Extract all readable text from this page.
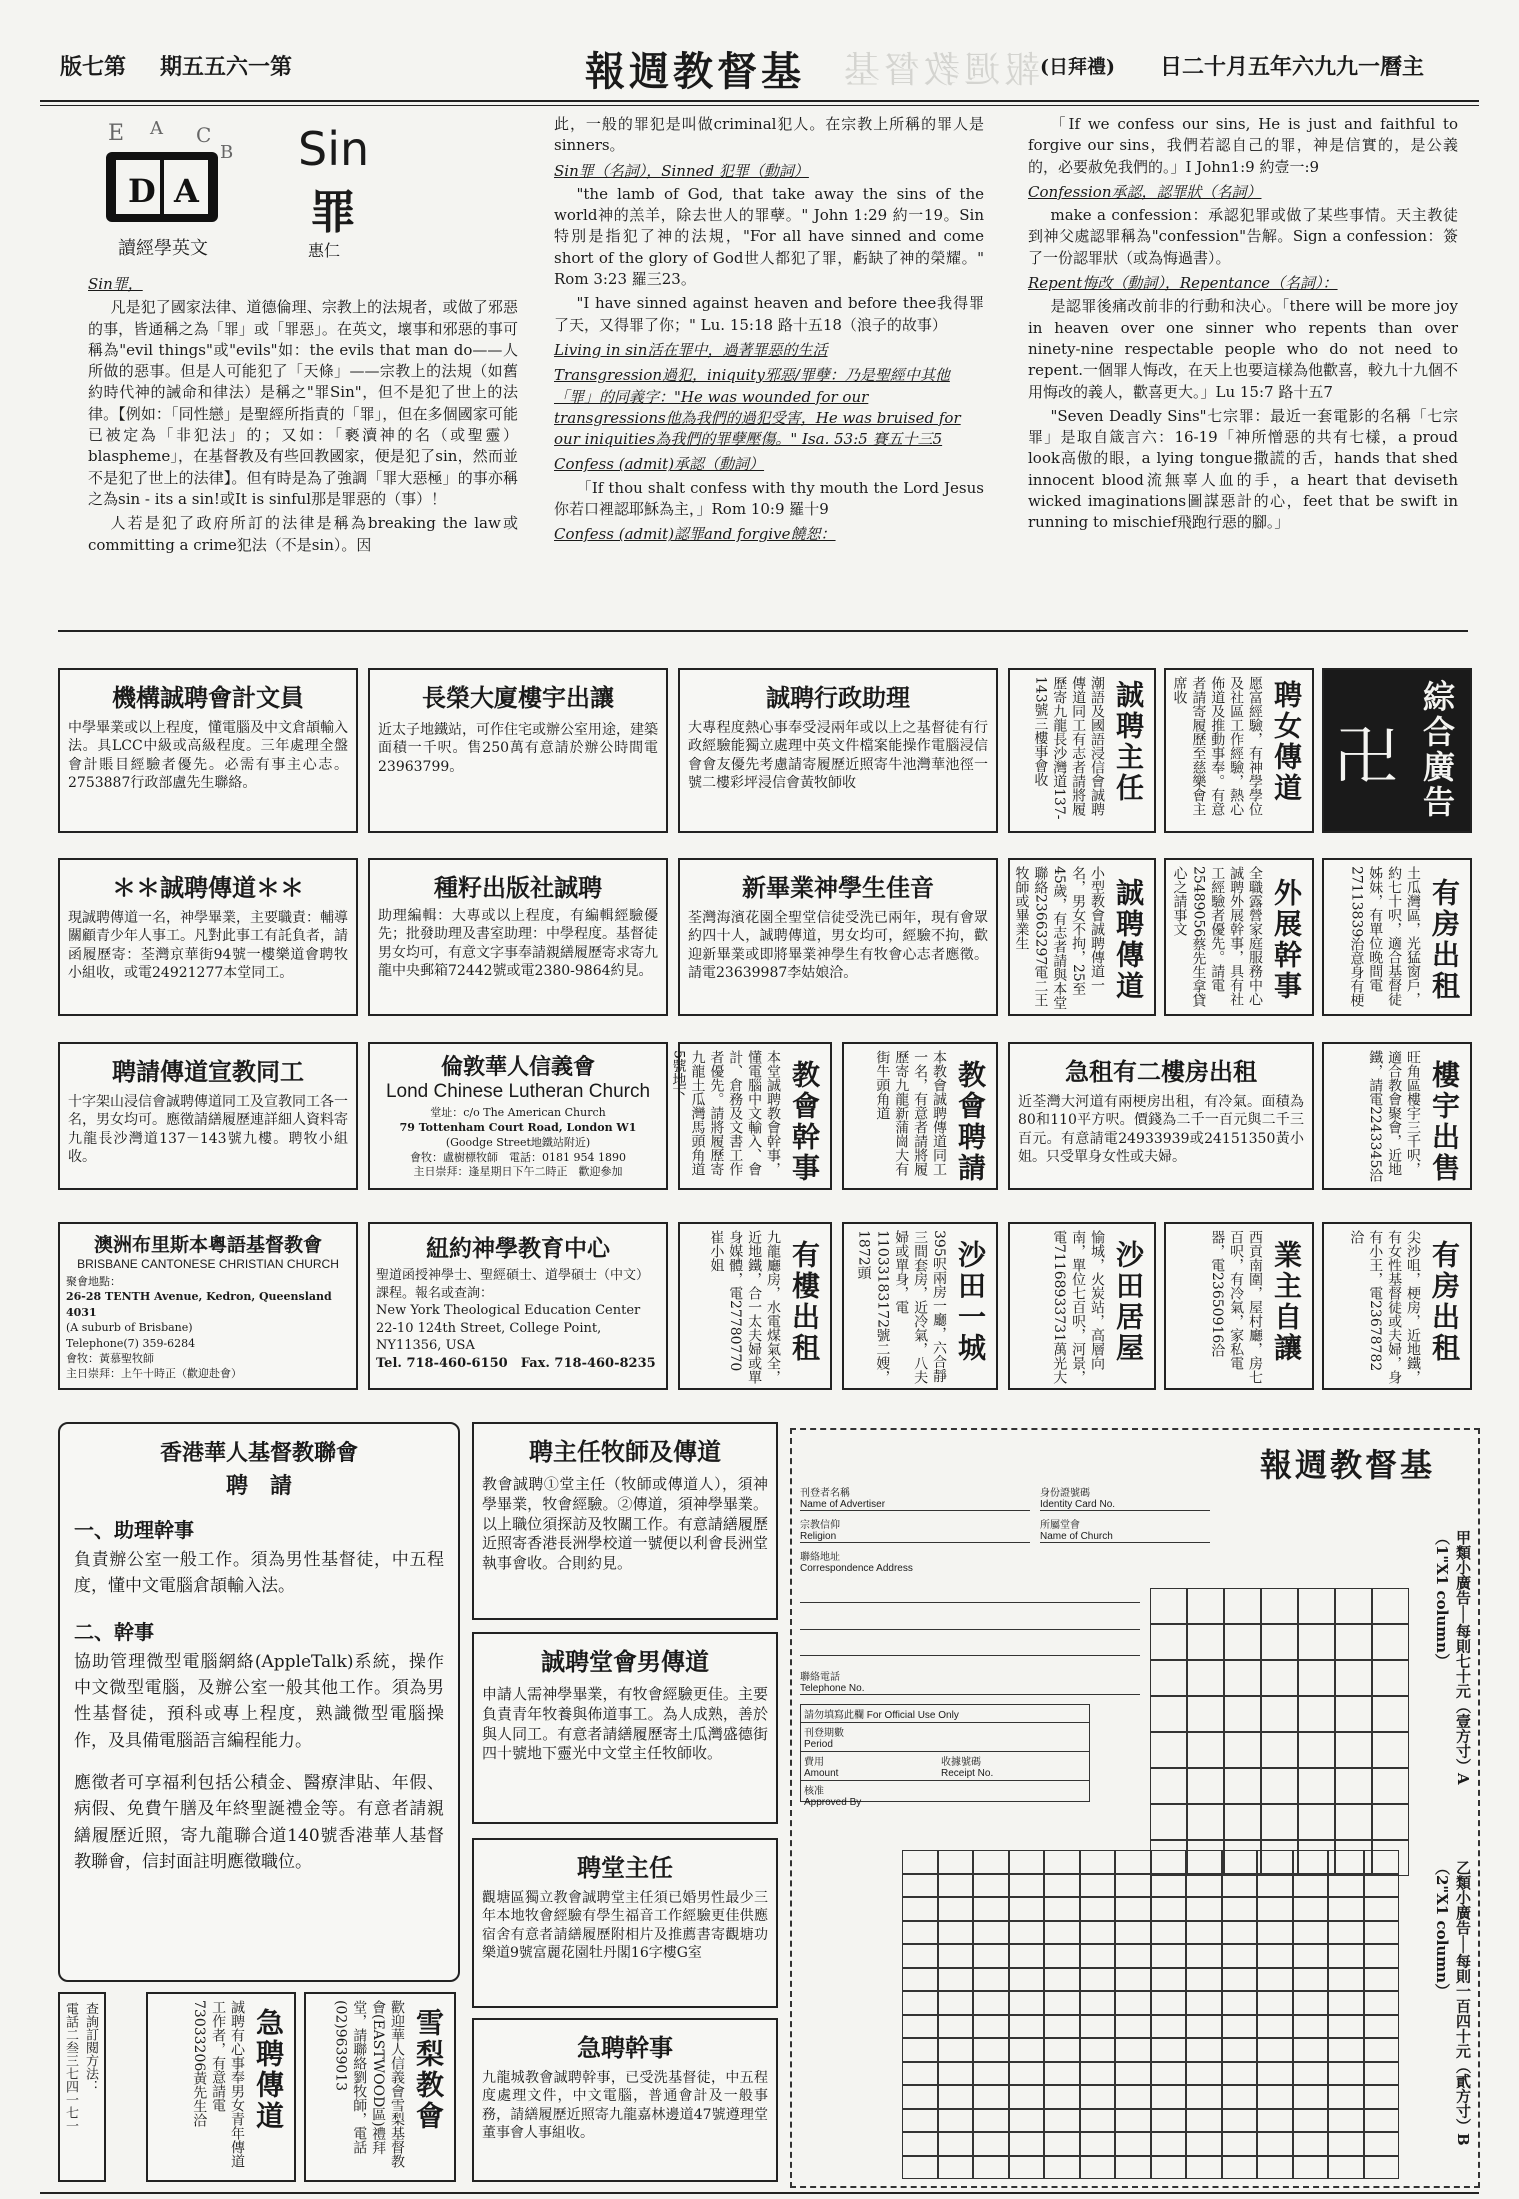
版七第 期五五六一第	報週教督基 報週教督基 (日拜禮) 日二十月五年六九九一曆主
D A
E A C
B
讀經學英文
Sin
罪
惠仁
Sin罪，

凡是犯了國家法律、道德倫理、宗教上的法規者，或做了邪惡的事，皆通稱之為「罪」或「罪惡」。在英文，壞事和邪惡的事可稱為"evil things"或"evils"如：the evils that man do——人所做的惡事。但是人可能犯了「天條」——宗教上的法規（如舊約時代神的誡命和律法）是稱之"罪Sin"，但不是犯了世上的法律。【例如：「同性戀」是聖經所指責的「罪」，但在多個國家可能已被定為「非犯法」的；又如：「褻瀆神的名（或聖靈）blaspheme」，在基督教及有些回教國家，便是犯了sin，然而並不是犯了世上的法律】。但有時是為了強調「罪大惡極」的事亦稱之為sin - its a sin!或It is sinful那是罪惡的（事）！

人若是犯了政府所訂的法律是稱為breaking the law或committing a crime犯法（不是sin）。因

此，一般的罪犯是叫做criminal犯人。在宗教上所稱的罪人是sinners。

Sin罪（名詞），Sinned 犯罪（動詞）

"the lamb of God, that take away the sins of the world神的羔羊，除去世人的罪孽。" John 1:29 約一19。Sin特別是指犯了神的法規，"For all have sinned and come short of the glory of God世人都犯了罪，虧缺了神的榮耀。" Rom 3:23 羅三23。

"I have sinned against heaven and before thee我得罪了天，又得罪了你；" Lu. 15:18 路十五18（浪子的故事）

Living in sin活在罪中，過著罪惡的生活
Transgression過犯，iniquity邪惡/罪孽：乃是聖經中其他「罪」的同義字："He was wounded for our transgressions他為我們的過犯受害，He was bruised for our iniquities為我們的罪孽壓傷。" Isa. 53:5 賽五十三5
Confess (admit)承認（動詞）

「If thou shalt confess with thy mouth the Lord Jesus你若口裡認耶穌為主，」Rom 10:9 羅十9

Confess (admit)認罪and forgive饒恕：

「If we confess our sins, He is just and faithful to forgive our sins，我們若認自己的罪，神是信實的，是公義的，必要赦免我們的。」I John1:9 約壹一:9

Confession承認，認罪狀（名詞）

make a confession：承認犯罪或做了某些事情。天主教徒到神父處認罪稱為"confession"告解。Sign a confession：簽了一份認罪狀（或為悔過書）。

Repent悔改（動詞），Repentance（名詞）：

是認罪後痛改前非的行動和決心。「there will be more joy in heaven over one sinner who repents than over ninety-nine respectable people who do not need to repent.一個罪人悔改，在天上也要這樣為他歡喜，較九十九個不用悔改的義人，歡喜更大。」Lu 15:7 路十五7

"Seven Deadly Sins"七宗罪：最近一套電影的名稱「七宗罪」是取自箴言六：16-19「神所憎惡的共有七樣，a proud look高傲的眼，a lying tongue撒謊的舌，hands that shed innocent blood流無辜人血的手，a heart that deviseth wicked imaginations圖謀惡計的心，feet that be swift in running to mischief飛跑行惡的腳。」

機構誠聘會計文員
中學畢業或以上程度，懂電腦及中文倉頡輸入法。具LCC中級或高級程度。三年處理全盤會計賬目經驗者優先。必需有事主心志。2753887行政部盧先生聯絡。
長榮大廈樓宇出讓
近太子地鐵站，可作住宅或辦公室用途，建築面積一千呎。售250萬有意請於辦公時間電23963799。
誠聘行政助理
大專程度熱心事奉受浸兩年或以上之基督徒有行政經驗能獨立處理中英文件檔案能操作電腦浸信會會友優先考慮請寄履歷近照寄牛池灣華池徑一號二樓彩坪浸信會黃牧師收	誠聘主任
潮語及國語浸信會誠聘傳道同工有志者請將履歷寄九龍長沙灣道137-143號三樓事會收	聘女傳道
愿富經驗，有神學學位及社區工作經驗，熱心佈道及推動事奉。有意者請寄履歷至慈樂會主席收
卍 綜合廣告
＊＊誠聘傳道＊＊
現誠聘傳道一名，神學畢業，主要職責：輔導關顧青少年人事工。凡對此事工有託負者，請函履歷寄：荃灣京華街94號一樓樂道會聘牧小組收，或電24921277本堂同工。
種籽出版社誠聘
助理編輯：大專或以上程度，有編輯經驗優先；批發助理及書室助理：中學程度。基督徒男女均可，有意文字事奉請親繕履歷寄求寄九龍中央郵箱72442號或電2380-9864約見。
新畢業神學生佳音
荃灣海濱花園全聖堂信徒受洗已兩年，現有會眾約四十人，誠聘傳道，男女均可，經驗不拘，歡迎新畢業或即將畢業神學生有牧會心志者應徵。請電23639987李姑娘洽。	誠聘傳道
小型教會誠聘傳道一名，男女不拘，25至45歲，有志者請與本堂聯絡23663297電二王牧師或畢業生	外展幹事
全職露營家庭服務中心誠聘外展幹事，具有社工經驗者優先。請電25489056蔡先生拿貸心之請事文	有房出租
土瓜灣區，光猛窗戶，約七十呎，適合基督徒姊妹，有單位晚間電27113839治意身有梗
聘請傳道宣教同工
十字架山浸信會誠聘傳道同工及宣教同工各一名，男女均可。應徵請繕履歷連詳細人資料寄九龍長沙灣道137－143號九樓。聘牧小組收。
倫敦華人信義會
Lond Chinese Lutheran Church
堂址：c/o The American Church
79 Tottenham Court Road, London W1
(Goodge Street地鐵站附近)
會牧：盧樹標牧師　電話：0181 954 1890
主日崇拜：逢星期日下午二時正　歡迎參加	教會幹事
本堂誠聘教會幹事，懂電腦中文輸入、會計、倉務及文書工作者優先。請將履歷寄九龍土瓜灣馬頭角道5號地下	教會聘請
本教會誠聘傳道同工一名，有意者請將履歷寄九龍新蒲崗大有街牛頭角道	急租有二樓房出租
近荃灣大河道有兩梗房出租，有冷氣。面積為80和110平方呎。價錢為二千一百元與二千三百元。有意請電24933939或24151350黃小姐。只受單身女性或夫婦。	樓宇出售
旺角區樓宇三千呎，適合教會聚會，近地鐵，請電2243345洽
澳洲布里斯本粵語基督教會
BRISBANE CANTONESE CHRISTIAN CHURCH
聚會地點：
26-28 TENTH Avenue, Kedron, Queensland 4031
(A suburb of Brisbane)
Telephone(7) 359-6284
會牧：黃慕聖牧師
主日崇拜：上午十時正（歡迎赴會）
紐約神學教育中心
聖道函授神學士、聖經碩士、道學碩士（中文）課程。報名或查詢：
New York Theological Education Center
22-10 124th Street, College Point,
NY11356, USA
Tel. 718-460-6150　Fax. 718-460-8235	有樓出租
九龍廳房，水電煤氣全，近地鐵，合一太夫婦或單身媒體，電27780770崔小姐	沙田一城
395呎兩房一廳，六合靜三間套房，近冷氣，八夫婦或單身，電11033183172號二嫂，1872頭	沙田居屋
愉城，火炭站，高層向南，單位七百呎，河景，電71168933731萬光大	業主自讓
西貢南圍，屋村廳，房七百呎，有冷氣，家私電器，電23650916洽	有房出租
尖沙咀，梗房，近地鐵，有女性基督徒或夫婦，身有小王，電23678782洽
香港華人基督教聯會
聘　請
一、助理幹事
負責辦公室一般工作。須為男性基督徒，中五程度，懂中文電腦倉頡輸入法。
二、幹事
協助管理微型電腦網絡(AppleTalk)系統，操作中文微型電腦，及辦公室一般其他工作。須為男性基督徒，預科或專上程度，熟識微型電腦操作，及具備電腦語言編程能力。
應徵者可享福利包括公積金、醫療津貼、年假、病假、免費午膳及年終聖誕禮金等。有意者請親繕履歷近照，寄九龍聯合道140號香港華人基督教聯會，信封面註明應徵職位。
查詢訂閱方法：
電話二叁三七四一七一	急聘傳道
誠聘有心事奉男女青年傳道工作者，有意請電73033206黃先生洽	雪梨教會
歡迎華人信義會雪梨基督教會(EASTWOOD區)禮拜堂，請聯絡劉牧師，電話(02)9639013
聘主任牧師及傳道
教會誠聘①堂主任（牧師或傳道人），須神學畢業，牧會經驗。②傳道，須神學畢業。以上職位須探訪及牧關工作。有意請繕履歷近照寄香港長洲學校道一號便以利會長洲堂執事會收。合則約見。
誠聘堂會男傳道
申請人需神學畢業，有牧會經驗更佳。主要負責青年牧養與佈道事工。為人成熟，善於與人同工。有意者請繕履歷寄土瓜灣盛德街四十號地下靈光中文堂主任牧師收。
聘堂主任
觀塘區獨立教會誠聘堂主任須已婚男性最少三年本地牧會經驗有學生福音工作經驗更佳供應宿舍有意者請繕履歷附相片及推薦書寄觀塘功樂道9號富麗花園牡丹閣16字樓G室
急聘幹事
九龍城教會誠聘幹事，已受洗基督徒，中五程度處理文件，中文電腦，普通會計及一般事務，請繕履歷近照寄九龍嘉林邊道47號遵理堂董事會人事組收。
報週教督基
刊登者名稱
Name of Advertiser
身份證號碼
Identity Card No.
宗教信仰
Religion
所屬堂會
Name of Church
聯絡地址
Correspondence Address
聯絡電話
Telephone No.
請勿填寫此欄 For Official Use Only
刊登期數
Period
費用
Amount
收據號碼
Receipt No.
核准
Approved By
甲類小廣告──每則七十元（壹方寸）A（1"X1 column）
乙類小廣告──每則一百四十元（貳方寸）B（2"X1 column）
